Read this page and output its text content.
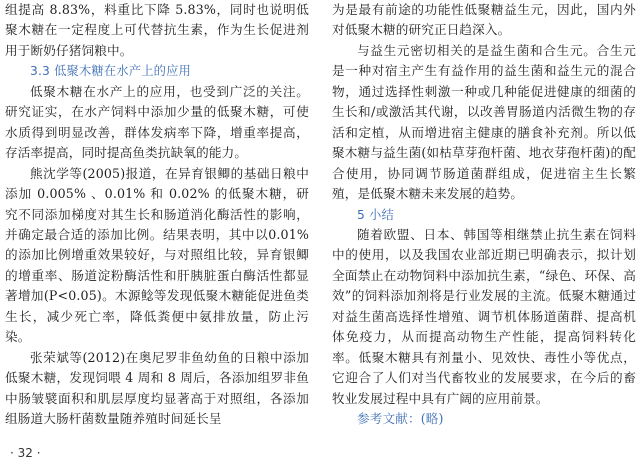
组提高 8.83%，料重比下降 5.83%，同时也说明低聚木糖在一定程度上可代替抗生素，作为生长促进剂用于断奶仔猪饲粮中。

3.3 低聚木糖在水产上的应用

低聚木糖在水产上的应用，也受到广泛的关注。研究证实，在水产饲料中添加少量的低聚木糖，可使水质得到明显改善，群体发病率下降，增重率提高，存活率提高，同时提高鱼类抗缺氧的能力。

熊沈学等(2005)报道，在异育银鲫的基础日粮中添加 0.005% 、0.01% 和 0.02% 的低聚木糖，研究不同添加梯度对其生长和肠道消化酶活性的影响，并确定最合适的添加比例。结果表明，其中以0.01%的添加比例增重效果较好，与对照组比较，异育银鲫的增重率、肠道淀粉酶活性和肝胰脏蛋白酶活性都显著增加(P<0.05)。木源鲶等发现低聚木糖能促进鱼类生长，减少死亡率，降低粪便中氨排放量，防止污染。

张荣斌等(2012)在奥尼罗非鱼幼鱼的日粮中添加低聚木糖，发现饲喂 4 周和 8 周后，各添加组罗非鱼中肠皱襞面积和肌层厚度均显著高于对照组，各添加组肠道大肠杆菌数量随养殖时间延长呈

为是最有前途的功能性低聚糖益生元，因此，国内外对低聚木糖的研究正日趋深入。

与益生元密切相关的是益生菌和合生元。合生元是一种对宿主产生有益作用的益生菌和益生元的混合物，通过选择性刺激一种或几种能促进健康的细菌的生长和/或激活其代谢，以改善胃肠道内活微生物的存活和定植，从而增进宿主健康的膳食补充剂。所以低聚木糖与益生菌(如枯草芽孢杆菌、地衣芽孢杆菌)的配合使用，协同调节肠道菌群组成，促进宿主生长繁殖，是低聚木糖未来发展的趋势。

5 小结

随着欧盟、日本、韩国等相继禁止抗生素在饲料中的使用，以及我国农业部近期已明确表示，拟计划全面禁止在动物饲料中添加抗生素，“绿色、环保、高效”的饲料添加剂将是行业发展的主流。低聚木糖通过对益生菌高选择性增殖、调节机体肠道菌群、提高机体免疫力，从而提高动物生产性能，提高饲料转化率。低聚木糖具有剂量小、见效快、毒性小等优点，它迎合了人们对当代畜牧业的发展要求，在今后的畜牧业发展过程中具有广阔的应用前景。

参考文献：(略)

· 32 ·
